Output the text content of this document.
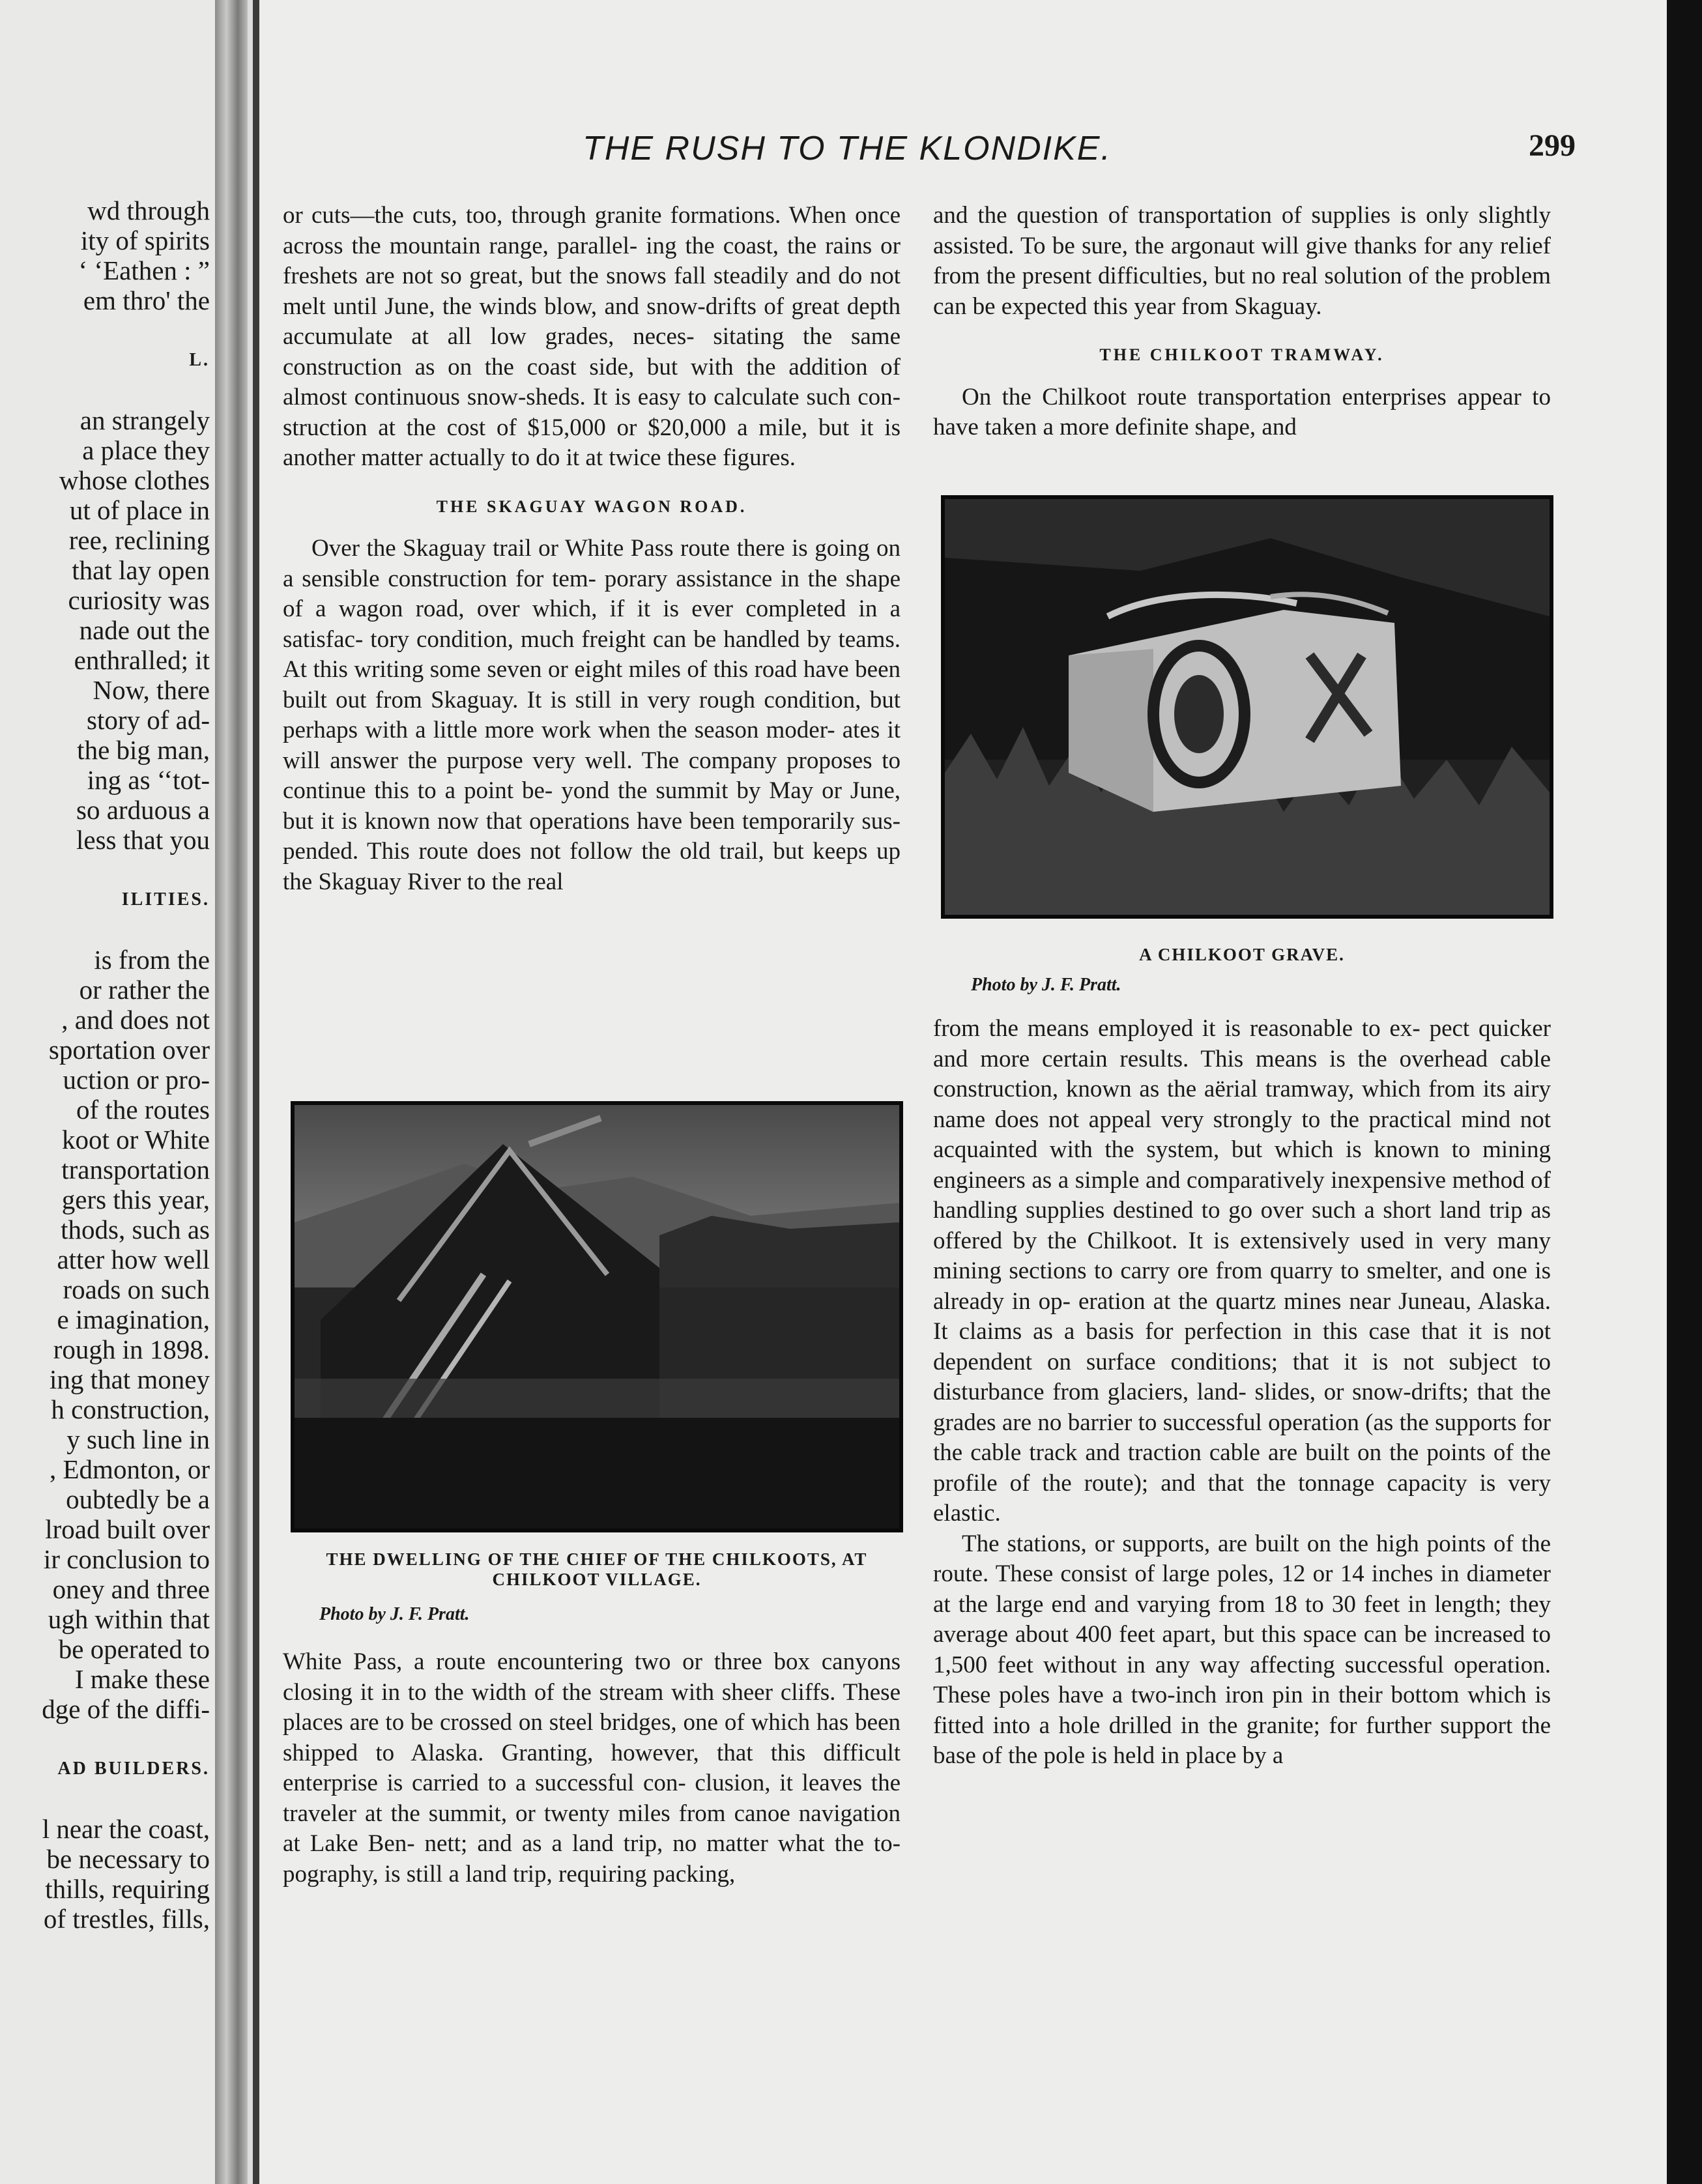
wd through
ity of spirits
‘ ‘Eathen : ”
em thro' the

L.

an strangely
a place they
whose clothes
ut of place in
ree, reclining
that lay open
curiosity was
nade out the
enthralled; it
Now, there
story of ad-
the big man,
ing as ‘‘tot-
so arduous a
less that you

ILITIES.

is from the
or rather the
, and does not
sportation over
uction or pro-
of the routes
koot or White
transportation
gers this year,
thods, such as
atter how well
roads on such
e imagination,
rough in 1898.
ing that money
h construction,
y such line in
, Edmonton, or
oubtedly be a
lroad built over
ir conclusion to
oney and three
ugh within that
be operated to
I make these
dge of the diffi-

AD BUILDERS.

l near the coast,
be necessary to
thills, requiring
of trestles, fills,
THE RUSH TO THE KLONDIKE.	299

or cuts—the cuts, too, through granite formations. When once across the mountain range, parallel- ing the coast, the rains or freshets are not so great, but the snows fall steadily and do not melt until June, the winds blow, and snow-drifts of great depth accumulate at all low grades, neces- sitating the same construction as on the coast side, but with the addition of almost continuous snow-sheds. It is easy to calculate such con- struction at the cost of $15,000 or $20,000 a mile, but it is another matter actually to do it at twice these figures.

THE SKAGUAY WAGON ROAD.

Over the Skaguay trail or White Pass route there is going on a sensible construction for tem- porary assistance in the shape of a wagon road, over which, if it is ever completed in a satisfac- tory condition, much freight can be handled by teams. At this writing some seven or eight miles of this road have been built out from Skaguay. It is still in very rough condition, but perhaps with a little more work when the season moder- ates it will answer the purpose very well. The company proposes to continue this to a point be- yond the summit by May or June, but it is known now that operations have been temporarily sus- pended. This route does not follow the old trail, but keeps up the Skaguay River to the real

THE DWELLING OF THE CHIEF OF THE CHILKOOTS, AT
CHILKOOT VILLAGE.
Photo by J. F. Pratt.

White Pass, a route encountering two or three box canyons closing it in to the width of the stream with sheer cliffs. These places are to be crossed on steel bridges, one of which has been shipped to Alaska. Granting, however, that this difficult enterprise is carried to a successful con- clusion, it leaves the traveler at the summit, or twenty miles from canoe navigation at Lake Ben- nett; and as a land trip, no matter what the to- pography, is still a land trip, requiring packing,

and the question of transportation of supplies is only slightly assisted. To be sure, the argonaut will give thanks for any relief from the present difficulties, but no real solution of the problem can be expected this year from Skaguay.

THE CHILKOOT TRAMWAY.

On the Chilkoot route transportation enterprises appear to have taken a more definite shape, and

A CHILKOOT GRAVE.
Photo by J. F. Pratt.

from the means employed it is reasonable to ex- pect quicker and more certain results. This means is the overhead cable construction, known as the aërial tramway, which from its airy name does not appeal very strongly to the practical mind not acquainted with the system, but which is known to mining engineers as a simple and comparatively inexpensive method of handling supplies destined to go over such a short land trip as offered by the Chilkoot. It is extensively used in very many mining sections to carry ore from quarry to smelter, and one is already in op- eration at the quartz mines near Juneau, Alaska. It claims as a basis for perfection in this case that it is not dependent on surface conditions; that it is not subject to disturbance from glaciers, land- slides, or snow-drifts; that the grades are no barrier to successful operation (as the supports for the cable track and traction cable are built on the points of the profile of the route); and that the tonnage capacity is very elastic.

The stations, or supports, are built on the high points of the route. These consist of large poles, 12 or 14 inches in diameter at the large end and varying from 18 to 30 feet in length; they average about 400 feet apart, but this space can be increased to 1,500 feet without in any way affecting successful operation. These poles have a two-inch iron pin in their bottom which is fitted into a hole drilled in the granite; for further support the base of the pole is held in place by a
